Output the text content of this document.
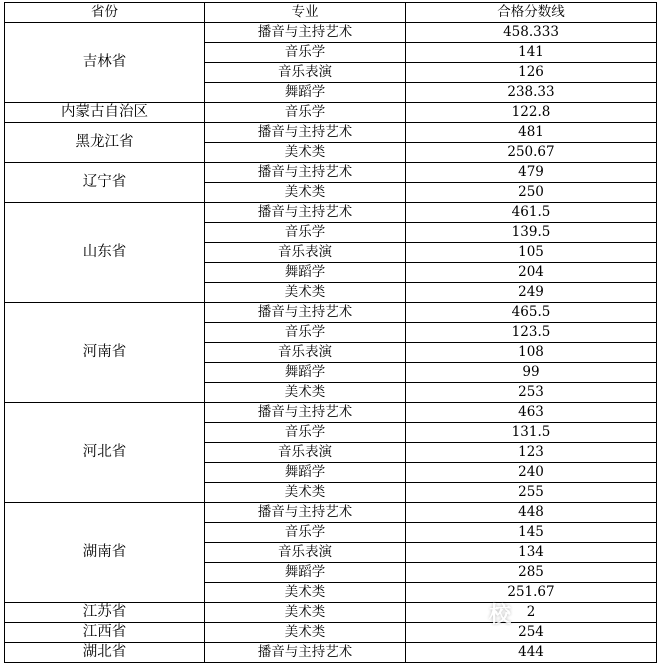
省份	专业	合格分数线
吉林省	播音与主持艺术	458.333
	音乐学	141
	音乐表演	126
	舞蹈学	238.33
内蒙古自治区	音乐学	122.8
黑龙江省	播音与主持艺术	481
	美术类	250.67
辽宁省	播音与主持艺术	479
	美术类	250
山东省	播音与主持艺术	461.5
	音乐学	139.5
	音乐表演	105
	舞蹈学	204
	美术类	249
河南省	播音与主持艺术	465.5
	音乐学	123.5
	音乐表演	108
	舞蹈学	99
	美术类	253
河北省	播音与主持艺术	463
	音乐学	131.5
	音乐表演	123
	舞蹈学	240
	美术类	255
湖南省	播音与主持艺术	448
	音乐学	145
	音乐表演	134
	舞蹈学	285
	美术类	251.67
江苏省	美术类	2
江西省	美术类	254
湖北省	播音与主持艺术	444
校
